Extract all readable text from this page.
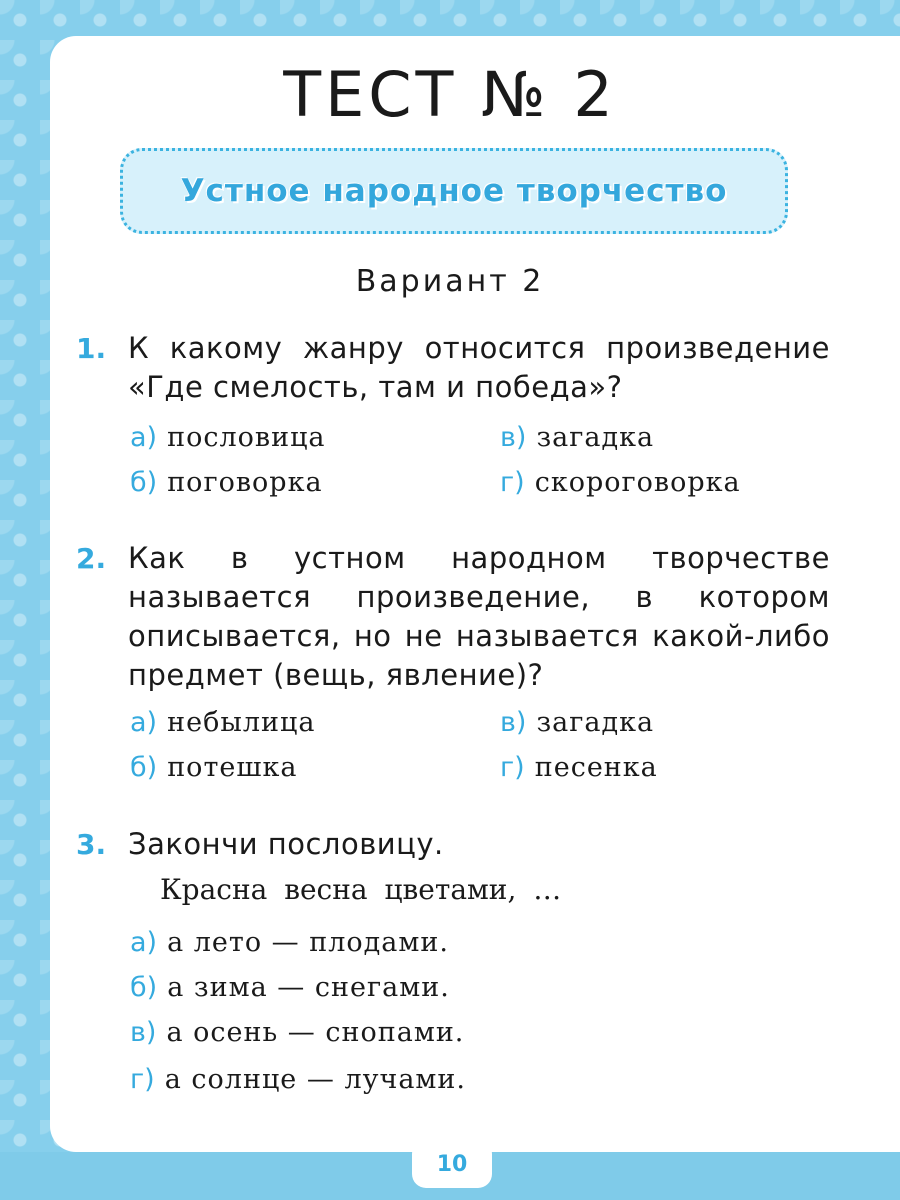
ТЕСТ № 2
Устное народное творчество
Вариант 2
1. К какому жанру относится произведение «Где смелость, там и победа»?
а) пословица
б) поговорка
в) загадка
г) скороговорка
2. Как в устном народном творчестве называется произведение, в котором описывается, но не называется какой-либо предмет (вещь, явление)?
а) небылица
б) потешка
в) загадка
г) песенка
3. Закончи пословицу.
Красна весна цветами, …
а) а лето — плодами.
б) а зима — снегами.
в) а осень — снопами.
г) а солнце — лучами.
10
